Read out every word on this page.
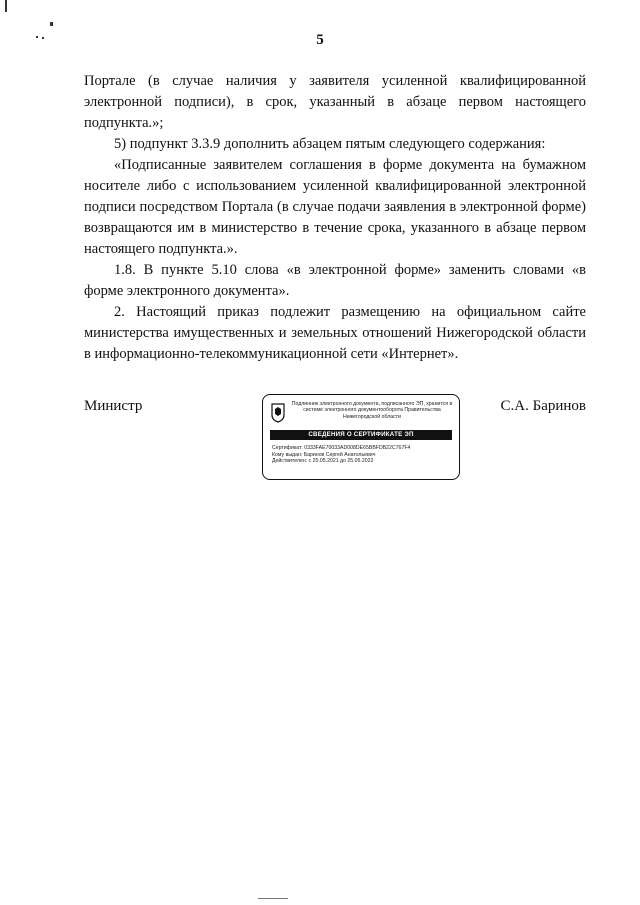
5

Портале (в случае наличия у заявителя усиленной квалифицированной электронной подписи), в срок, указанный в абзаце первом настоящего подпункта.»;

5) подпункт 3.3.9 дополнить абзацем пятым следующего содержания:

«Подписанные заявителем соглашения в форме документа на бумажном носителе либо с использованием усиленной квалифицированной электронной подписи посредством Портала (в случае подачи заявления в электронной форме) возвращаются им в министерство в течение срока, указанного в абзаце первом настоящего подпункта.».

1.8. В пункте 5.10 слова «в электронной форме» заменить словами «в форме электронного документа».

2. Настоящий приказ подлежит размещению на официальном сайте министерства имущественных и земельных отношений Нижегородской области в информационно-телекоммуникационной сети «Интернет».

Министр	Подлинник электронного документа, подписанного ЭП, хранится в системе электронного документооборота Правительства Нижегородской области
СВЕДЕНИЯ О СЕРТИФИКАТЕ ЭП
Сертификат: 0333FAE70033AD008DE65BBFDB22C767F4
Кому выдан: Баринов Сергей Анатольевич
Действителен: с 25.05.2021 до 25.05.2022
С.А. Баринов
